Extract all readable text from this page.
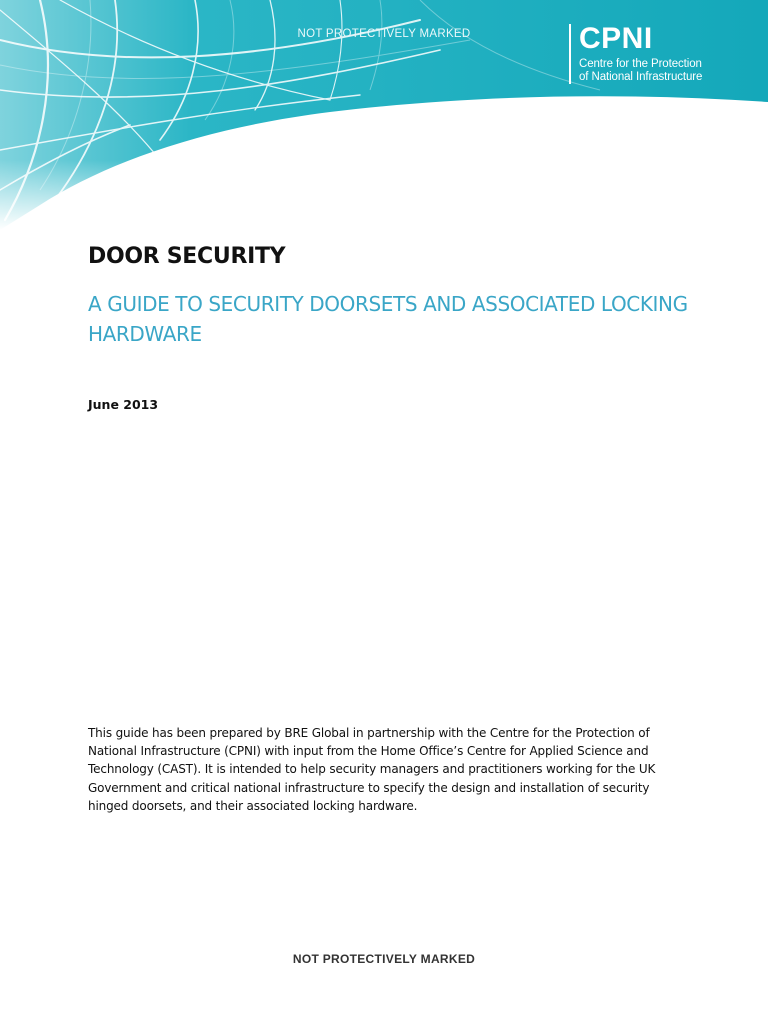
NOT PROTECTIVELY MARKED	CPNI
Centre for the Protection
of National Infrastructure
DOOR SECURITY
A GUIDE TO SECURITY DOORSETS AND ASSOCIATED LOCKING HARDWARE
June 2013

This guide has been prepared by BRE Global in partnership with the Centre for the Protection of National Infrastructure (CPNI) with input from the Home Office’s Centre for Applied Science and Technology (CAST). It is intended to help security managers and practitioners working for the UK Government and critical national infrastructure to specify the design and installation of security hinged doorsets, and their associated locking hardware.

NOT PROTECTIVELY MARKED
